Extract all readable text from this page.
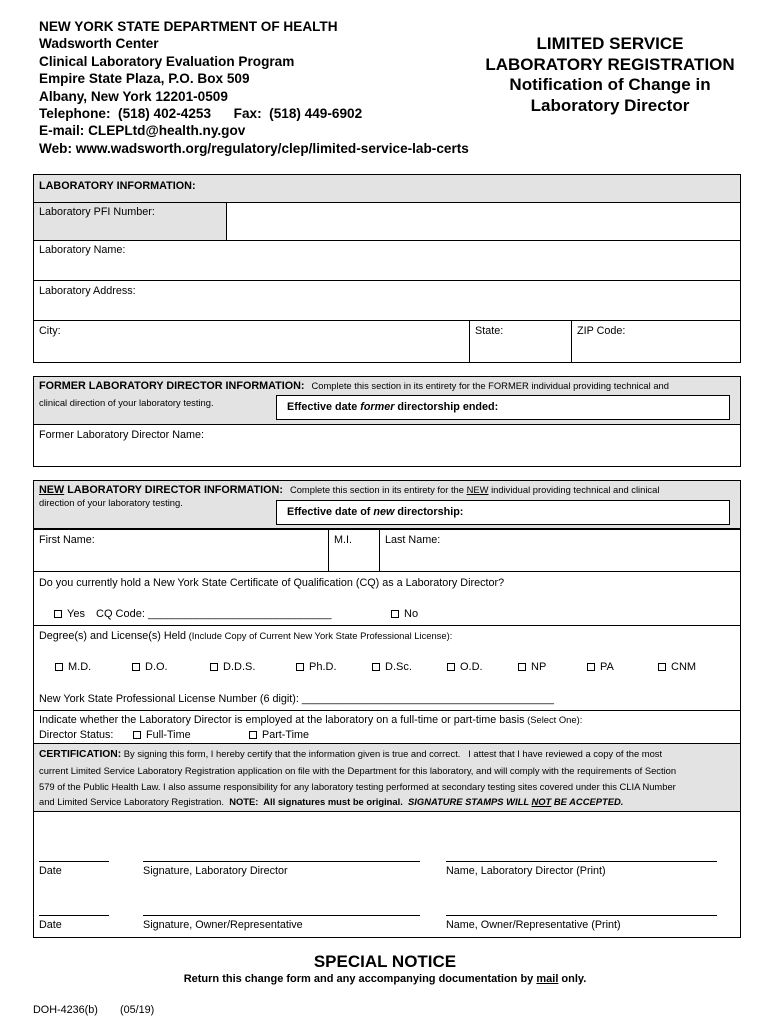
NEW YORK STATE DEPARTMENT OF HEALTH
Wadsworth Center
Clinical Laboratory Evaluation Program
Empire State Plaza, P.O. Box 509
Albany, New York 12201-0509
Telephone:  (518) 402-4253      Fax:  (518) 449-6902
E-mail: CLEPLtd@health.ny.gov
Web: www.wadsworth.org/regulatory/clep/limited-service-lab-certs
LIMITED SERVICE
LABORATORY REGISTRATION
Notification of Change in
Laboratory Director
LABORATORY INFORMATION:
Laboratory PFI Number:
Laboratory Name:
Laboratory Address:
City:	State:	ZIP Code:
FORMER LABORATORY DIRECTOR INFORMATION: Complete this section in its entirety for the FORMER individual providing technical and
clinical direction of your laboratory testing.	Effective date former directorship ended:
Former Laboratory Director Name:
NEW LABORATORY DIRECTOR INFORMATION: Complete this section in its entirety for the NEW individual providing technical and clinical
direction of your laboratory testing.
Effective date of new directorship:
First Name:	M.I.	Last Name:
Do you currently hold a New York State Certificate of Qualification (CQ) as a Laboratory Director?
Yes CQ Code: ______________________________	No
Degree(s) and License(s) Held (Include Copy of Current New York State Professional License):
M.D.	D.O.	D.D.S.	Ph.D.	D.Sc.	O.D.	NP	PA	CNM
New York State Professional License Number (6 digit): __________________________________________
Indicate whether the Laboratory Director is employed at the laboratory on a full-time or part-time basis (Select One):
Director Status:	Full-Time	Part-Time
CERTIFICATION: By signing this form, I hereby certify that the information given is true and correct.   I attest that I have reviewed a copy of the most
current Limited Service Laboratory Registration application on file with the Department for this laboratory, and will comply with the requirements of Section
579 of the Public Health Law. I also assume responsibility for any laboratory testing performed at secondary testing sites covered under this CLIA Number
and Limited Service Laboratory Registration.  NOTE:  All signatures must be original.  SIGNATURE STAMPS WILL NOT BE ACCEPTED.
Date	Signature, Laboratory Director	Name, Laboratory Director (Print)
Date	Signature, Owner/Representative	Name, Owner/Representative (Print)
SPECIAL NOTICE
Return this change form and any accompanying documentation by mail only.
DOH-4236(b) (05/19)
